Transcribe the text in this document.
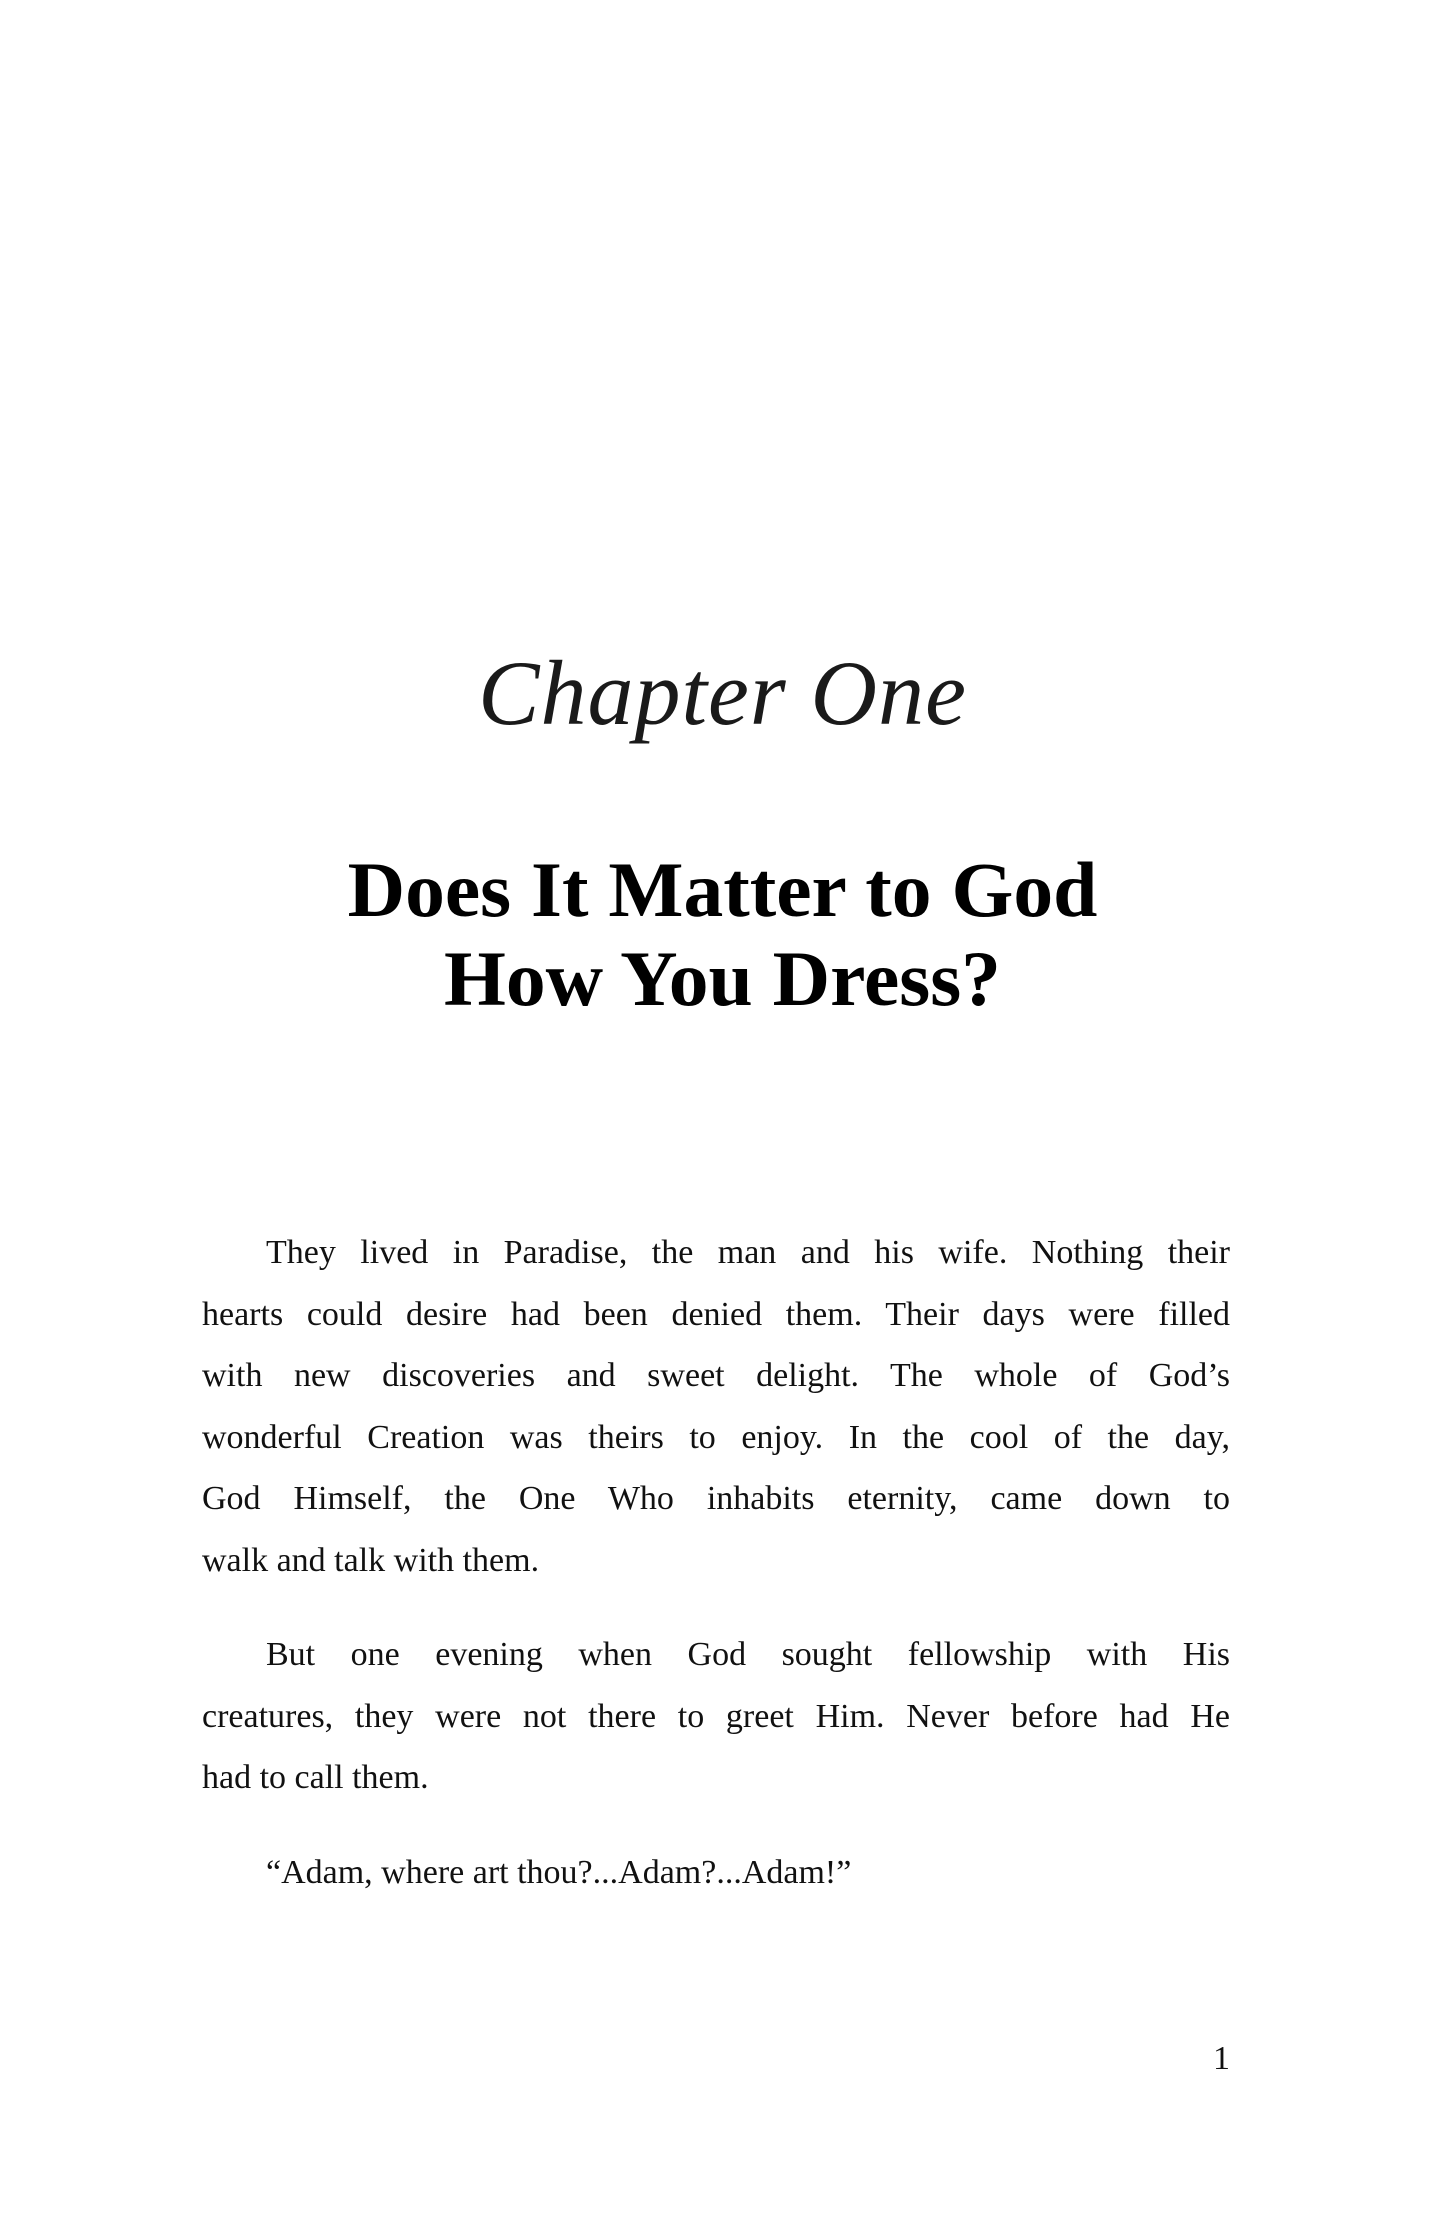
Chapter One
Does It Matter to God
How You Dress?
They lived in Paradise, the man and his wife. Nothing their
hearts could desire had been denied them. Their days were filled
with new discoveries and sweet delight. The whole of God’s
wonderful Creation was theirs to enjoy. In the cool of the day,
God Himself, the One Who inhabits eternity, came down to
walk and talk with them.
But one evening when God sought fellowship with His
creatures, they were not there to greet Him. Never before had He
had to call them.
“Adam, where art thou?...Adam?...Adam!”
1
